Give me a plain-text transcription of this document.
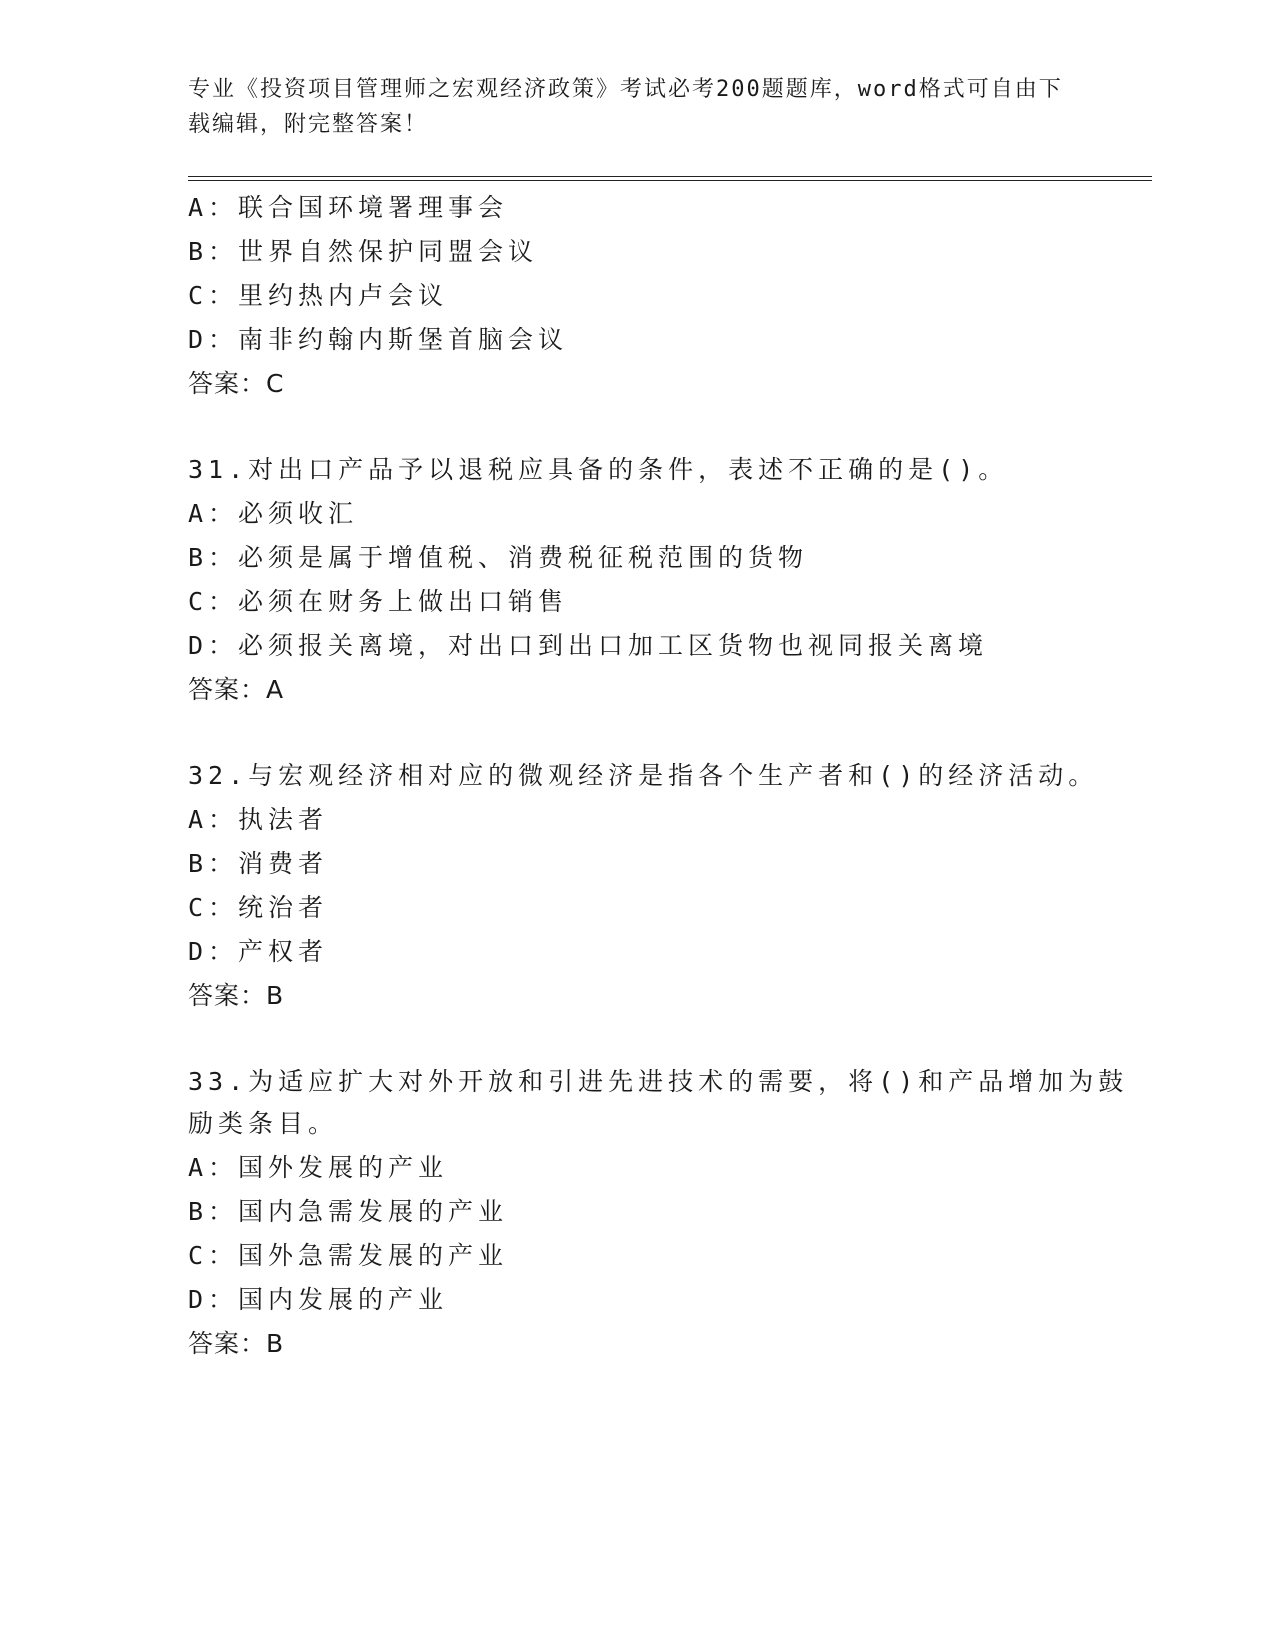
专业《投资项目管理师之宏观经济政策》考试必考200题题库，word格式可自由下载编辑，附完整答案！
A：联合国环境署理事会
B：世界自然保护同盟会议
C：里约热内卢会议
D：南非约翰内斯堡首脑会议
答案：C
31.对出口产品予以退税应具备的条件，表述不正确的是()。
A：必须收汇
B：必须是属于增值税、消费税征税范围的货物
C：必须在财务上做出口销售
D：必须报关离境，对出口到出口加工区货物也视同报关离境
答案：A
32.与宏观经济相对应的微观经济是指各个生产者和()的经济活动。
A：执法者
B：消费者
C：统治者
D：产权者
答案：B
33.为适应扩大对外开放和引进先进技术的需要，将()和产品增加为鼓
励类条目。
A：国外发展的产业
B：国内急需发展的产业
C：国外急需发展的产业
D：国内发展的产业
答案：B
